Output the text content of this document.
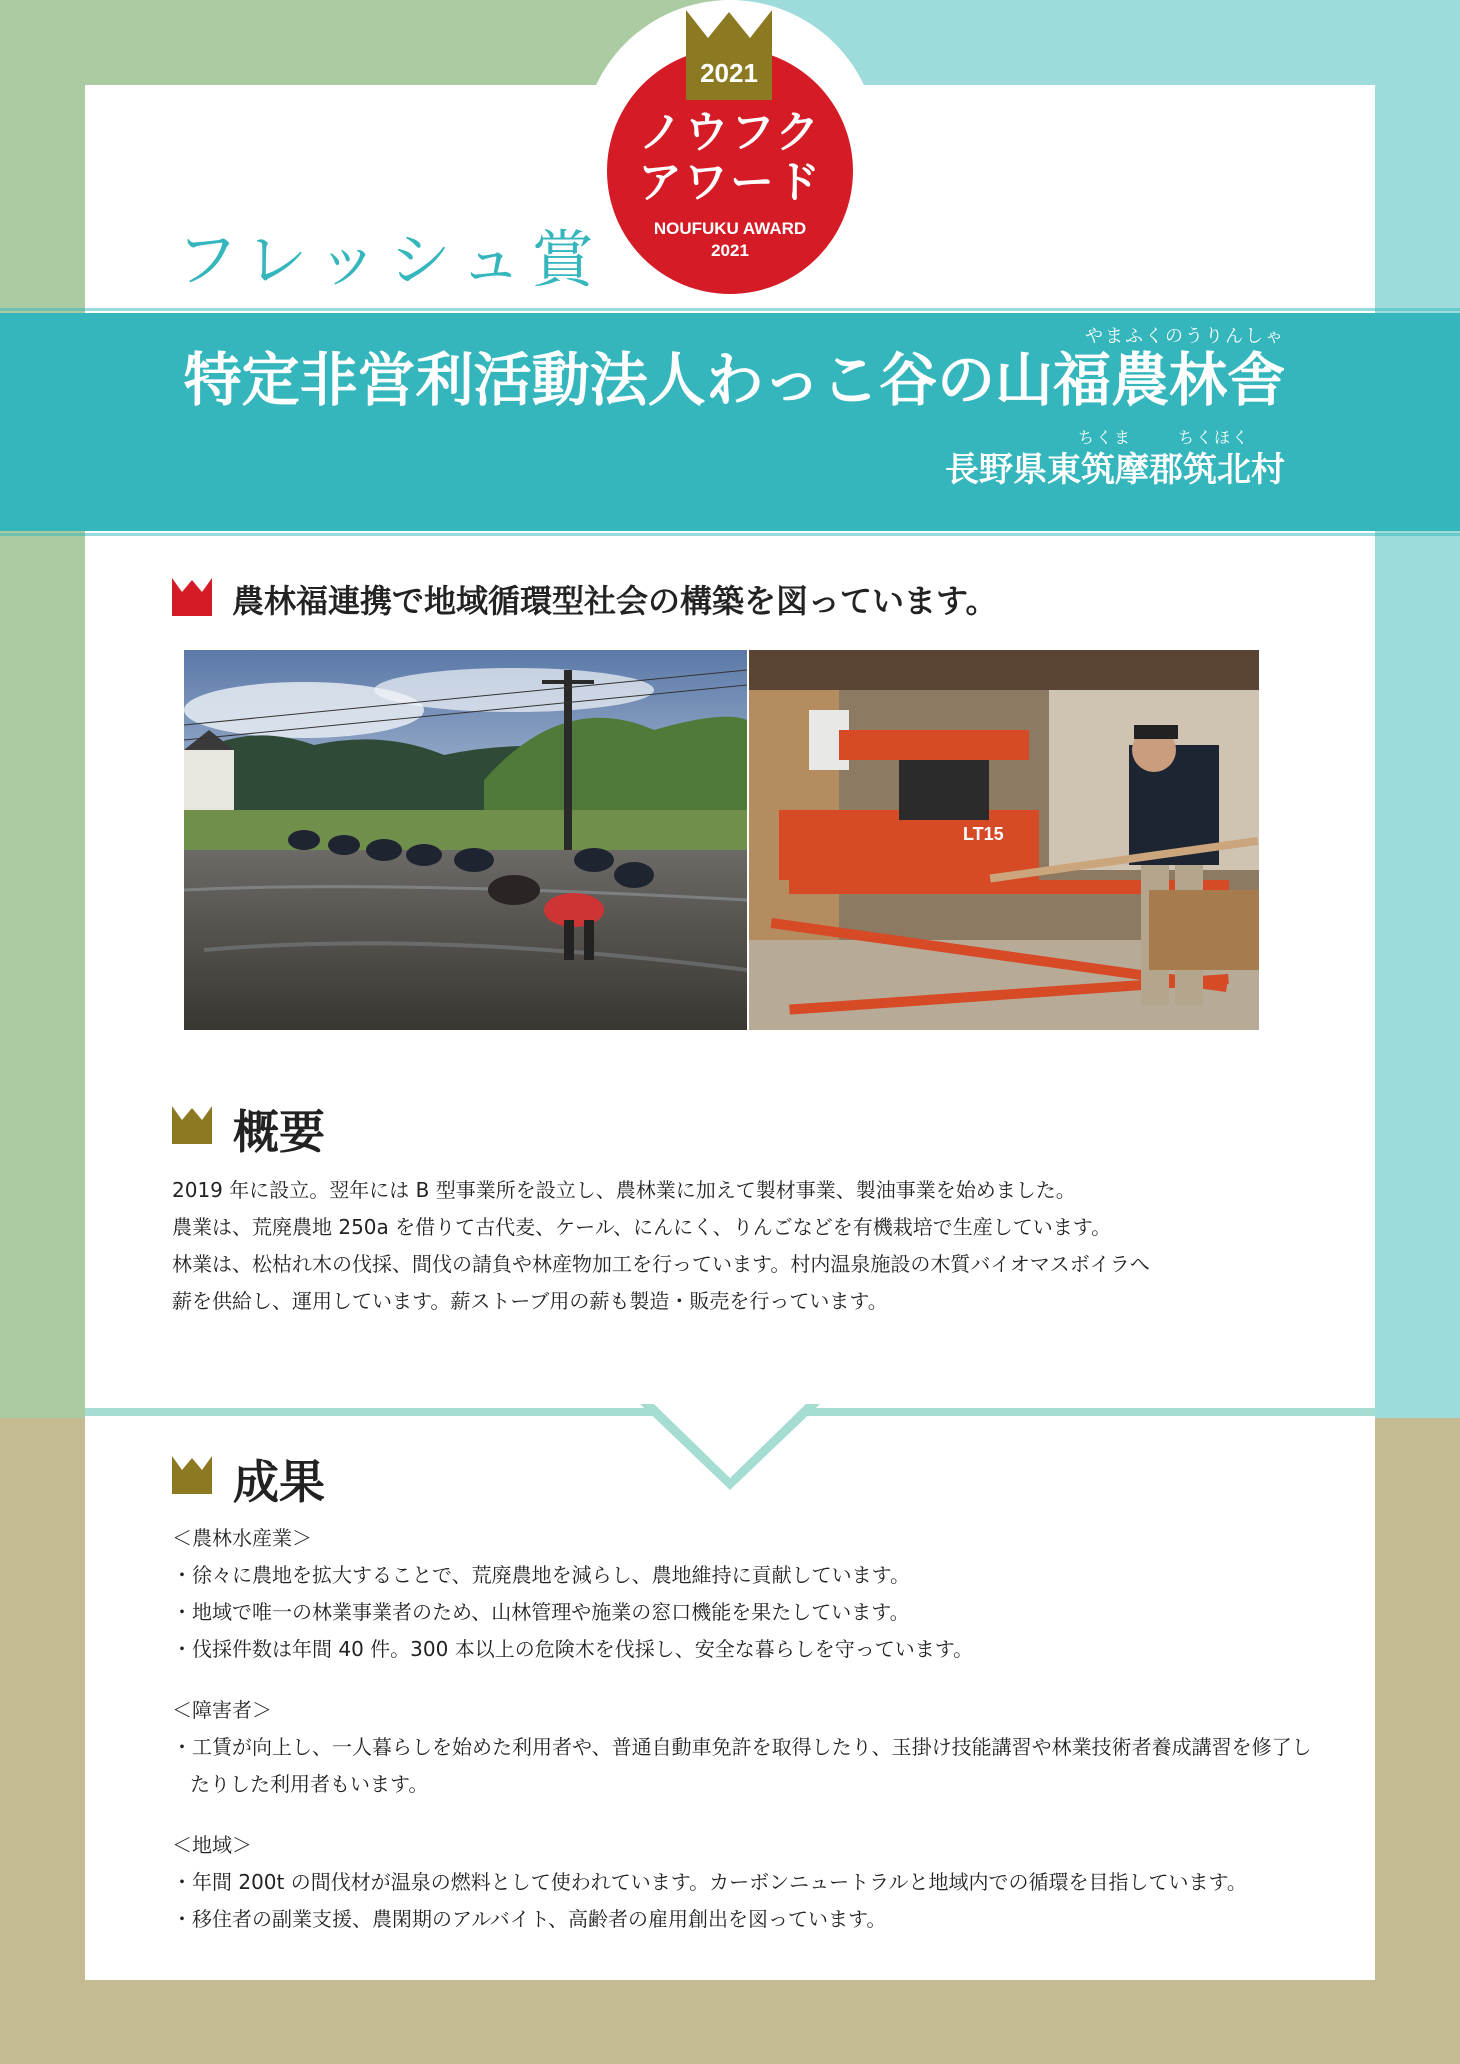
2021
ノウフク
アワード
NOUFUKU AWARD
2021
フレッシュ賞
やまふくのうりんしゃ
特定非営利活動法人わっこ谷の山福農林舎
ちくま	ちくほく
長野県東筑摩郡筑北村
農林福連携で地域循環型社会の構築を図っています。
LT15
概要

2019 年に設立。翌年には B 型事業所を設立し、農林業に加えて製材事業、製油事業を始めました。

農業は、荒廃農地 250a を借りて古代麦、ケール、にんにく、りんごなどを有機栽培で生産しています。

林業は、松枯れ木の伐採、間伐の請負や林産物加工を行っています。村内温泉施設の木質バイオマスボイラへ

薪を供給し、運用しています。薪ストーブ用の薪も製造・販売を行っています。

成果
＜農林水産業＞
・徐々に農地を拡大することで、荒廃農地を減らし、農地維持に貢献しています。
・地域で唯一の林業事業者のため、山林管理や施業の窓口機能を果たしています。
・伐採件数は年間 40 件。300 本以上の危険木を伐採し、安全な暮らしを守っています。
＜障害者＞
・工賃が向上し、一人暮らしを始めた利用者や、普通自動車免許を取得したり、玉掛け技能講習や林業技術者養成講習を修了したりした利用者もいます。
＜地域＞
・年間 200t の間伐材が温泉の燃料として使われています。カーボンニュートラルと地域内での循環を目指しています。
・移住者の副業支援、農閑期のアルバイト、高齢者の雇用創出を図っています。
